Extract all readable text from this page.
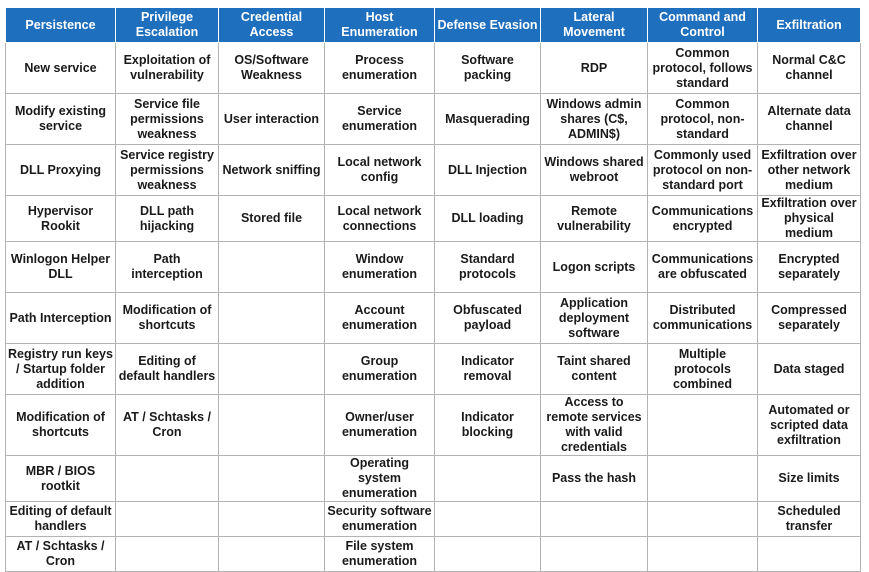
Persistence	Privilege Escalation	Credential Access	Host Enumeration	Defense Evasion	Lateral Movement	Command and Control	Exfiltration
New service	Exploitation of vulnerability	OS/Software Weakness	Process enumeration	Software packing	RDP	Common protocol, follows standard	Normal C&C channel
Modify existing service	Service file permissions weakness	User interaction	Service enumeration	Masquerading	Windows admin shares (C$, ADMIN$)	Common protocol, non-standard	Alternate data channel
DLL Proxying	Service registry permissions weakness	Network sniffing	Local network config	DLL Injection	Windows shared webroot	Commonly used protocol on non-standard port	Exfiltration over other network medium
Hypervisor Rookit	DLL path hijacking	Stored file	Local network connections	DLL loading	Remote vulnerability	Communications encrypted	Exfiltration over physical medium
Winlogon Helper DLL	Path interception		Window enumeration	Standard protocols	Logon scripts	Communications are obfuscated	Encrypted separately
Path Interception	Modification of shortcuts		Account enumeration	Obfuscated payload	Application deployment software	Distributed communications	Compressed separately
Registry run keys / Startup folder addition	Editing of default handlers		Group enumeration	Indicator removal	Taint shared content	Multiple protocols combined	Data staged
Modification of shortcuts	AT / Schtasks / Cron		Owner/user enumeration	Indicator blocking	Access to remote services with valid credentials		Automated or scripted data exfiltration
MBR / BIOS rootkit			Operating system enumeration		Pass the hash		Size limits
Editing of default handlers			Security software enumeration				Scheduled transfer
AT / Schtasks / Cron			File system enumeration				
